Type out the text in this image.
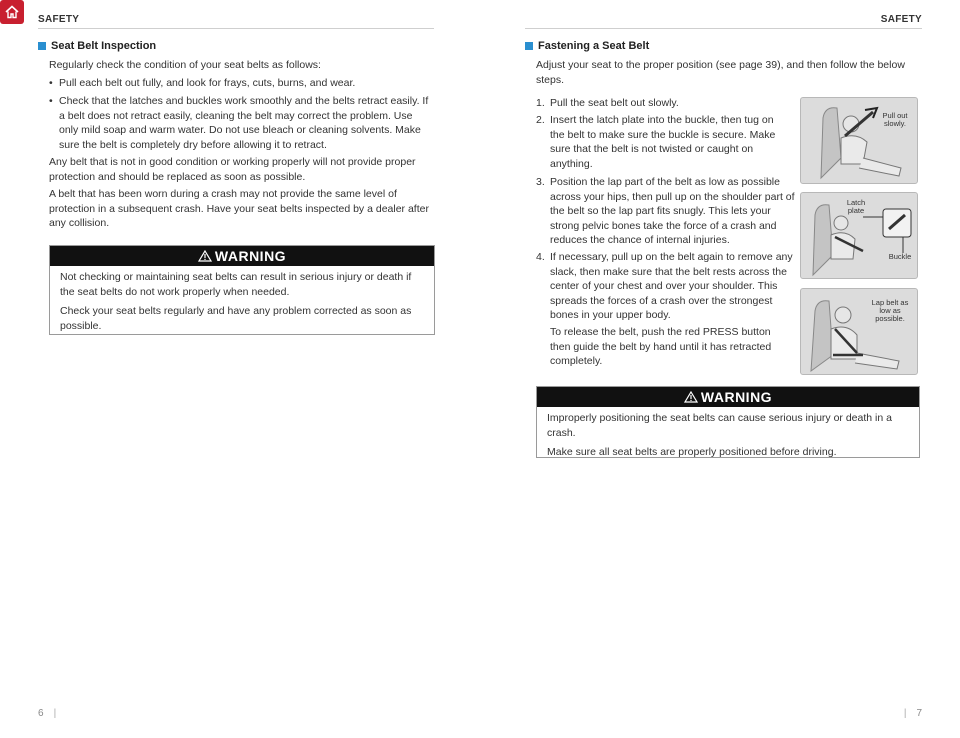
SAFETY
Seat Belt Inspection
Regularly check the condition of your seat belts as follows:
• Pull each belt out fully, and look for frays, cuts, burns, and wear.
• Check that the latches and buckles work smoothly and the belts retract easily. If a belt does not retract easily, cleaning the belt may correct the problem. Use only mild soap and warm water. Do not use bleach or cleaning solvents. Make sure the belt is completely dry before allowing it to retract.
Any belt that is not in good condition or working properly will not provide proper protection and should be replaced as soon as possible.
A belt that has been worn during a crash may not provide the same level of protection in a subsequent crash. Have your seat belts inspected by a dealer after any collision.
WARNING

Not checking or maintaining seat belts can result in serious injury or death if the seat belts do not work properly when needed.

Check your seat belts regularly and have any problem corrected as soon as possible.

6 |
SAFETY
Fastening a Seat Belt
Adjust your seat to the proper position (see page 39), and then follow the below steps.
1. Pull the seat belt out slowly.
2. Insert the latch plate into the buckle, then tug on the belt to make sure the buckle is secure. Make sure that the belt is not twisted or caught on anything.
3. Position the lap part of the belt as low as possible across your hips, then pull up on the shoulder part of the belt so the lap part fits snugly. This lets your strong pelvic bones take the force of a crash and reduces the chance of internal injuries.
4. If necessary, pull up on the belt again to remove any slack, then make sure that the belt rests across the center of your chest and over your shoulder. This spreads the forces of a crash over the strongest bones in your upper body.
To release the belt, push the red PRESS button then guide the belt by hand until it has retracted completely.
Pull out slowly.
Latch plate
Buckle
Lap belt as low as possible.
WARNING

Improperly positioning the seat belts can cause serious injury or death in a crash.

Make sure all seat belts are properly positioned before driving.

| 7
